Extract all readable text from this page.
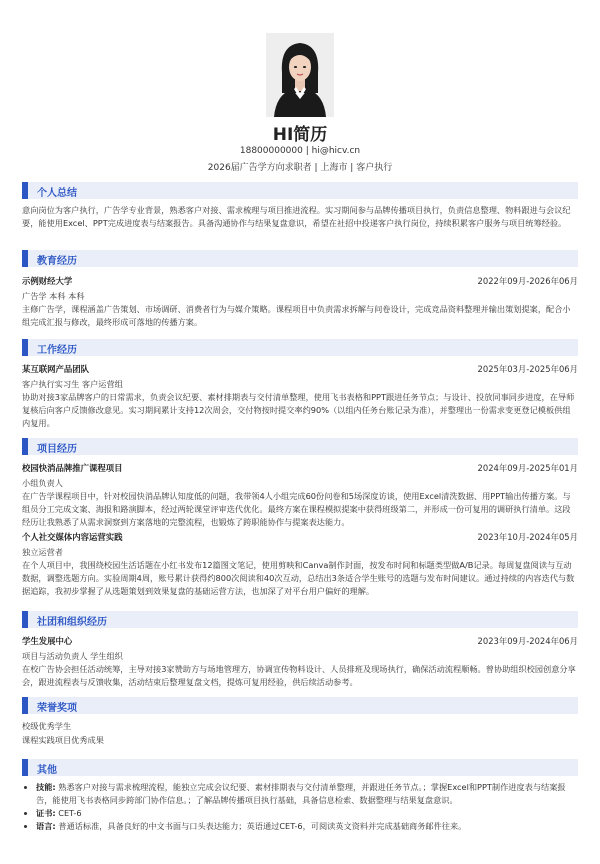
HI简历
18800000000 | hi@hicv.cn
2026届广告学方向求职者 | 上海市 | 客户执行
个人总结
意向岗位为客户执行，广告学专业背景，熟悉客户对接、需求梳理与项目推进流程。实习期间参与品牌传播项目执行，负责信息整理、物料跟进与会议纪要，能使用Excel、PPT完成进度表与结案报告。具备沟通协作与结果复盘意识，希望在社招中投递客户执行岗位，持续积累客户服务与项目统筹经验。
教育经历
示例财经大学	2022年09月-2026年06月
广告学 本科 本科
主修广告学，课程涵盖广告策划、市场调研、消费者行为与媒介策略。课程项目中负责需求拆解与问卷设计，完成竞品资料整理并输出策划提案，配合小组完成汇报与修改，最终形成可落地的传播方案。
工作经历
某互联网产品团队	2025年03月-2025年06月
客户执行实习生 客户运营组
协助对接3家品牌客户的日常需求，负责会议纪要、素材排期表与交付清单整理，使用飞书表格和PPT跟进任务节点；与设计、投放同事同步进度，在导师复核后向客户反馈修改意见。实习期间累计支持12次周会，交付物按时提交率约90%（以组内任务台账记录为准），并整理出一份需求变更登记模板供组内复用。
项目经历
校园快消品牌推广课程项目	2024年09月-2025年01月
小组负责人
在广告学课程项目中，针对校园快消品牌认知度低的问题，我带领4人小组完成60份问卷和5场深度访谈，使用Excel清洗数据、用PPT输出传播方案。与组员分工完成文案、海报和路演脚本，经过两轮课堂评审迭代优化。最终方案在课程模拟提案中获得班级第二，并形成一份可复用的调研执行清单。这段经历让我熟悉了从需求洞察到方案落地的完整流程，也锻炼了跨职能协作与提案表达能力。
个人社交媒体内容运营实践	2023年10月-2024年05月
独立运营者
在个人项目中，我围绕校园生活话题在小红书发布12篇图文笔记，使用剪映和Canva制作封面，按发布时间和标题类型做A/B记录。每周复盘阅读与互动数据，调整选题方向。实验周期4周，账号累计获得约800次阅读和40次互动，总结出3条适合学生账号的选题与发布时间建议。通过持续的内容迭代与数据追踪，我初步掌握了从选题策划到效果复盘的基础运营方法，也加深了对平台用户偏好的理解。
社团和组织经历
学生发展中心	2023年09月-2024年06月
项目与活动负责人 学生组织
在校广告协会担任活动统筹，主导对接3家赞助方与场地管理方，协调宣传物料设计、人员排班及现场执行，确保活动流程顺畅。曾协助组织校园创意分享会，跟进流程表与反馈收集，活动结束后整理复盘文档，提炼可复用经验，供后续活动参考。
荣誉奖项
校级优秀学生
课程实践项目优秀成果
其他
• 技能: 熟悉客户对接与需求梳理流程，能独立完成会议纪要、素材排期表与交付清单整理，并跟进任务节点。；掌握Excel和PPT制作进度表与结案报告，能使用飞书表格同步跨部门协作信息。；了解品牌传播项目执行基础，具备信息检索、数据整理与结果复盘意识。
• 证书: CET-6
• 语言: 普通话标准，具备良好的中文书面与口头表达能力；英语通过CET-6，可阅读英文资料并完成基础商务邮件往来。
